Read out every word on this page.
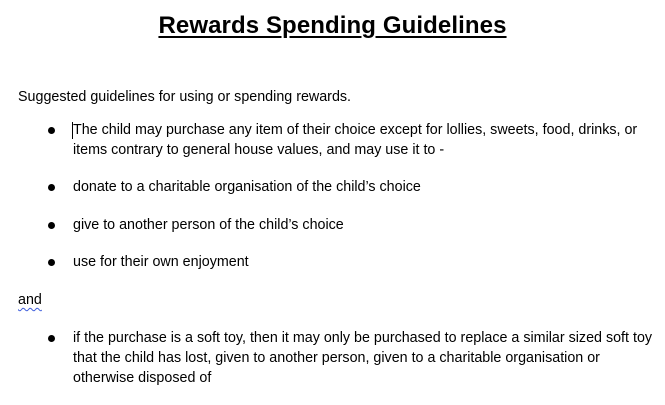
Rewards Spending Guidelines
Suggested guidelines for using or spending rewards.
The child may purchase any item of their choice except for lollies, sweets, food, drinks, or items contrary to general house values, and may use it to -
donate to a charitable organisation of the child’s choice
give to another person of the child’s choice
use for their own enjoyment
and
if the purchase is a soft toy, then it may only be purchased to replace a similar sized soft toy that the child has lost, given to another person, given to a charitable organisation or otherwise disposed of
